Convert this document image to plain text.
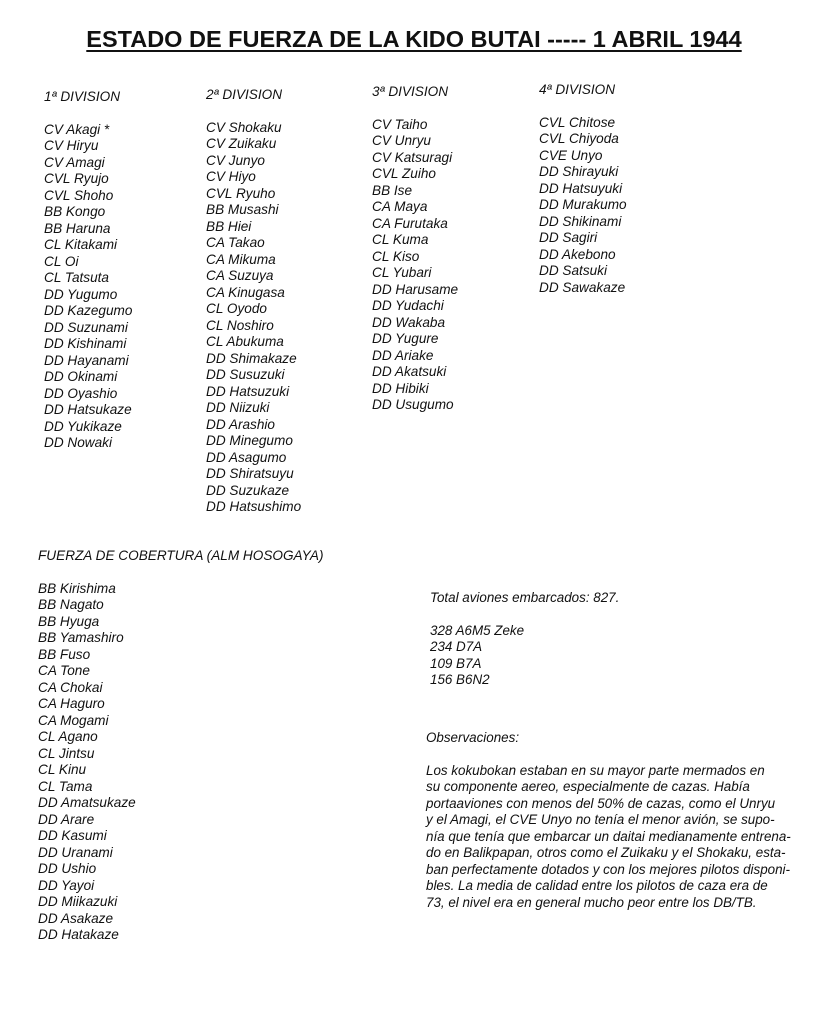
ESTADO DE FUERZA DE LA KIDO BUTAI ----- 1 ABRIL 1944
1ª DIVISION
CV Akagi *
CV Hiryu
CV Amagi
CVL Ryujo
CVL Shoho
BB Kongo
BB Haruna
CL Kitakami
CL Oi
CL Tatsuta
DD Yugumo
DD Kazegumo
DD Suzunami
DD Kishinami
DD Hayanami
DD Okinami
DD Oyashio
DD Hatsukaze
DD Yukikaze
DD Nowaki
2ª DIVISION
CV Shokaku
CV Zuikaku
CV Junyo
CV Hiyo
CVL Ryuho
BB Musashi
BB Hiei
CA Takao
CA Mikuma
CA Suzuya
CA Kinugasa
CL Oyodo
CL Noshiro
CL Abukuma
DD Shimakaze
DD Susuzuki
DD Hatsuzuki
DD Niizuki
DD Arashio
DD Minegumo
DD Asagumo
DD Shiratsuyu
DD Suzukaze
DD Hatsushimo
3ª DIVISION
CV Taiho
CV Unryu
CV Katsuragi
CVL Zuiho
BB Ise
CA Maya
CA Furutaka
CL Kuma
CL Kiso
CL Yubari
DD Harusame
DD Yudachi
DD Wakaba
DD Yugure
DD Ariake
DD Akatsuki
DD Hibiki
DD Usugumo
4ª DIVISION
CVL Chitose
CVL Chiyoda
CVE Unyo
DD Shirayuki
DD Hatsuyuki
DD Murakumo
DD Shikinami
DD Sagiri
DD Akebono
DD Satsuki
DD Sawakaze
FUERZA DE COBERTURA (ALM HOSOGAYA)
BB Kirishima
BB Nagato
BB Hyuga
BB Yamashiro
BB Fuso
CA Tone
CA Chokai
CA Haguro
CA Mogami
CL Agano
CL Jintsu
CL Kinu
CL Tama
DD Amatsukaze
DD Arare
DD Kasumi
DD Uranami
DD Ushio
DD Yayoi
DD Miikazuki
DD Asakaze
DD Hatakaze
Total aviones embarcados: 827.
328 A6M5 Zeke
234 D7A
109 B7A
156 B6N2
Observaciones:
Los kokubokan estaban en su mayor parte mermados en
su componente aereo, especialmente de cazas. Había
portaaviones con menos del 50% de cazas, como el Unryu
y el Amagi, el CVE Unyo no tenía el menor avión, se supo-
nía que tenía que embarcar un daitai medianamente entrena-
do en Balikpapan, otros como el Zuikaku y el Shokaku, esta-
ban perfectamente dotados y con los mejores pilotos disponi-
bles. La media de calidad entre los pilotos de caza era de
73, el nivel era en general mucho peor entre los DB/TB.
